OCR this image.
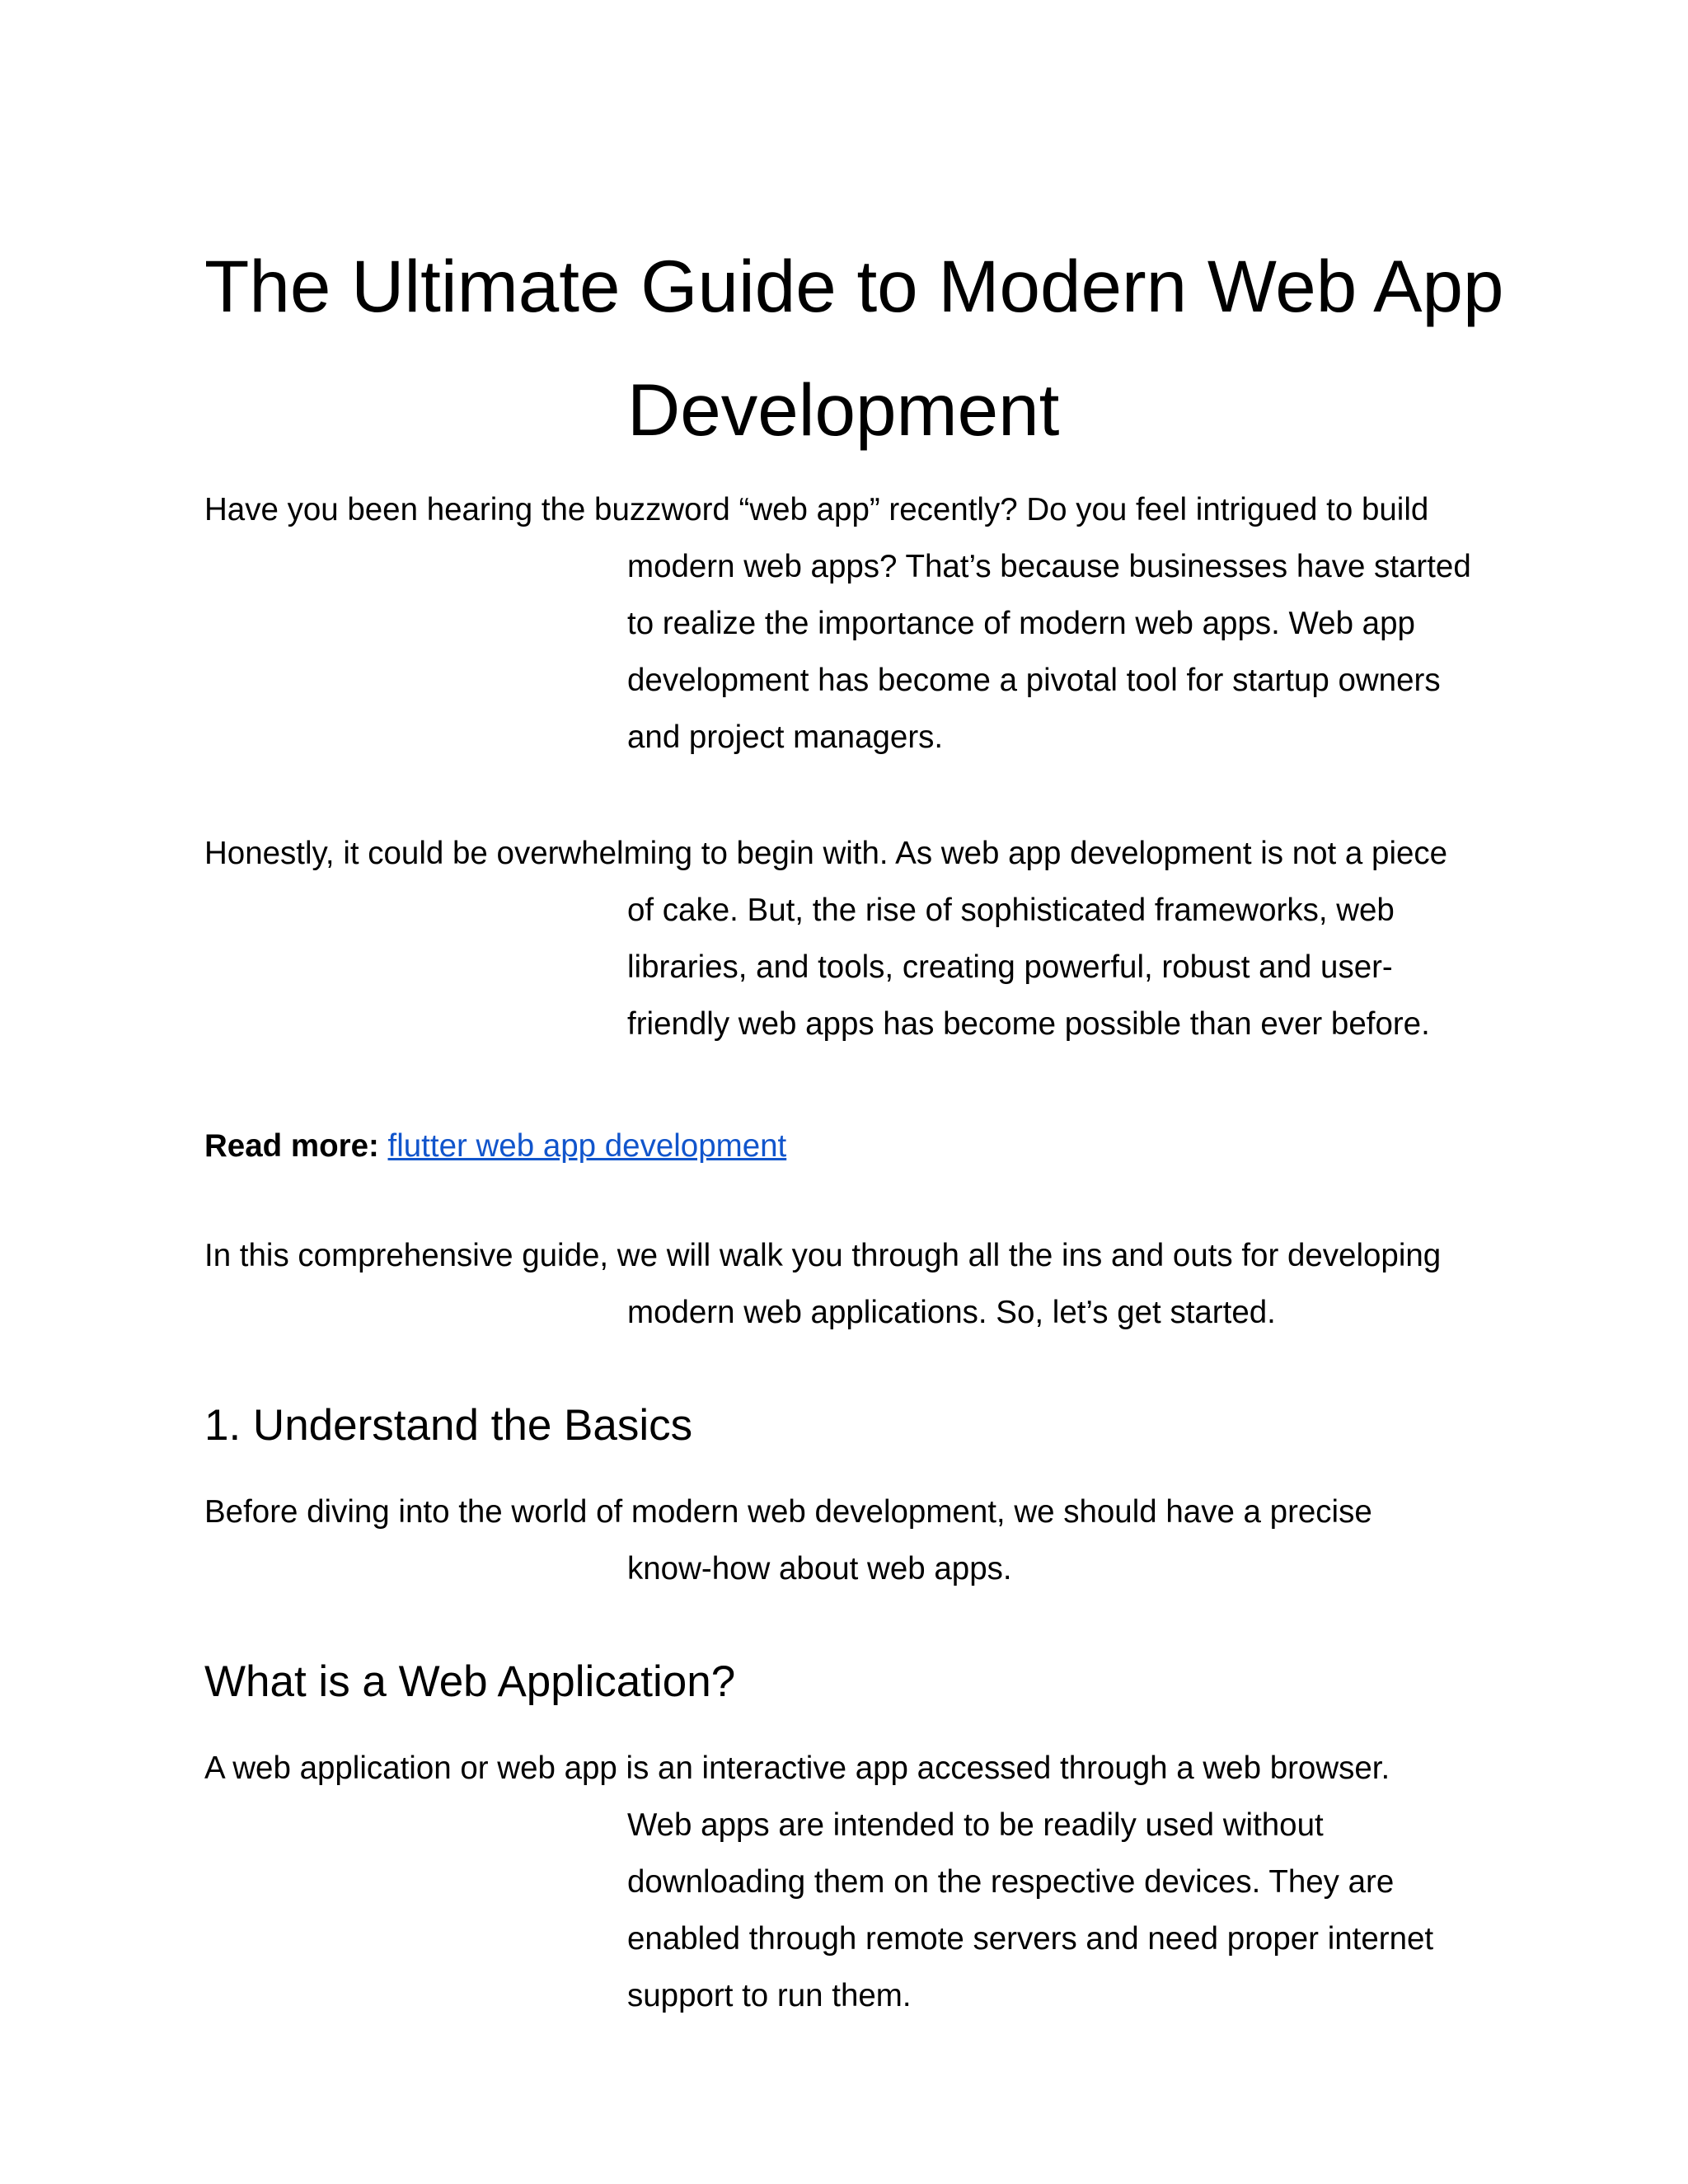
The Ultimate Guide to Modern Web App
Development

Have you been hearing the buzzword “web app” recently? Do you feel intrigued to build
modern web apps? That’s because businesses have started to realize the importance of modern web apps. Web app development has become a pivotal tool for startup owners and project managers.

Honestly, it could be overwhelming to begin with. As web app development is not a piece
of cake. But, the rise of sophisticated frameworks, web libraries, and tools, creating powerful, robust and user-friendly web apps has become possible than ever before.

Read more: flutter web app development

In this comprehensive guide, we will walk you through all the ins and outs for developing
modern web applications. So, let’s get started.

1. Understand the Basics

Before diving into the world of modern web development, we should have a precise
know-how about web apps.

What is a Web Application?

A web application or web app is an interactive app accessed through a web browser.
Web apps are intended to be readily used without downloading them on the respective devices. They are enabled through remote servers and need proper internet support to run them.
